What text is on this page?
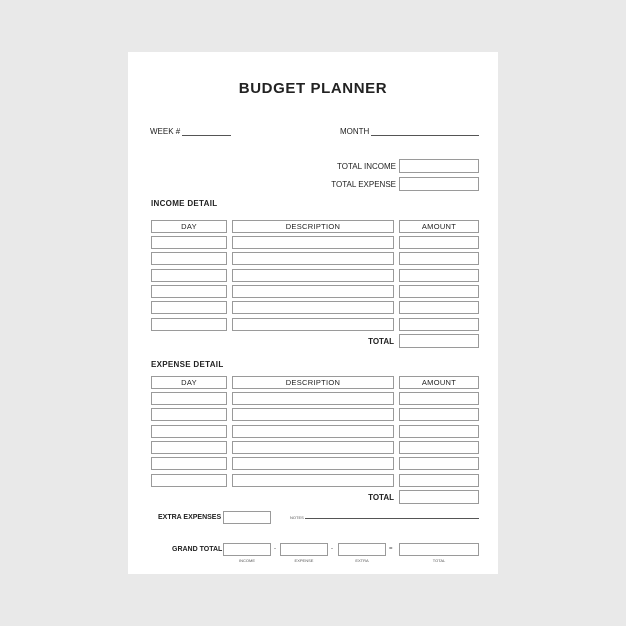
BUDGET PLANNER
WEEK #	MONTH
TOTAL INCOME
TOTAL EXPENSE
INCOME DETAIL
DAY	DESCRIPTION	AMOUNT
TOTAL
EXPENSE DETAIL
DAY	DESCRIPTION	AMOUNT
TOTAL
EXTRA EXPENSES	NOTES
GRAND TOTAL	-	-	=
INCOME	EXPENSE	EXTRA	TOTAL
